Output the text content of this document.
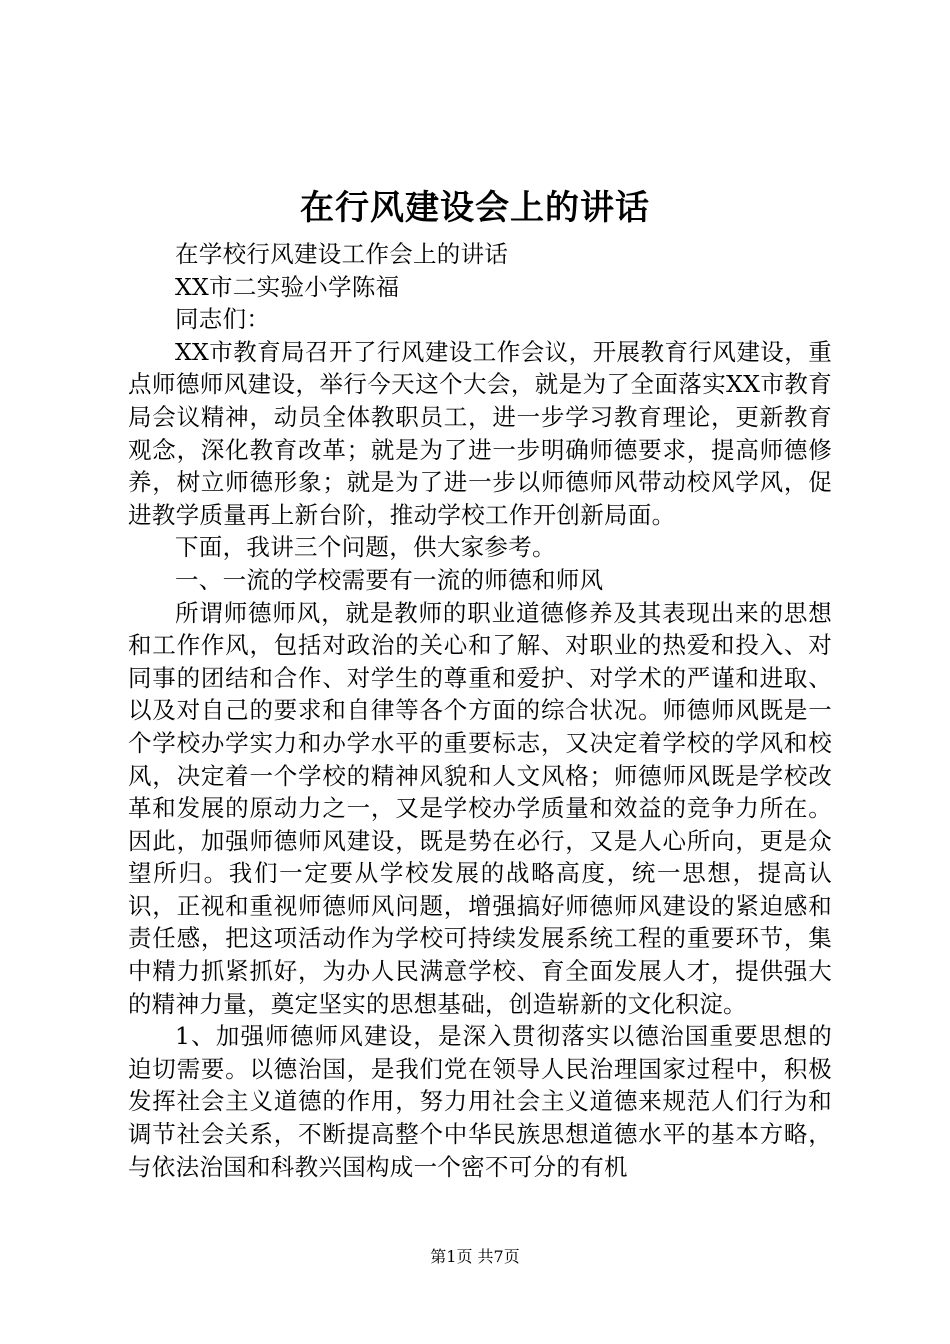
在行风建设会上的讲话

在学校行风建设工作会上的讲话

XX市二实验小学陈福

同志们：

XX市教育局召开了行风建设工作会议，开展教育行风建设，重点师德师风建设，举行今天这个大会，就是为了全面落实XX市教育局会议精神，动员全体教职员工，进一步学习教育理论，更新教育观念，深化教育改革；就是为了进一步明确师德要求，提高师德修养，树立师德形象；就是为了进一步以师德师风带动校风学风，促进教学质量再上新台阶，推动学校工作开创新局面。

下面，我讲三个问题，供大家参考。

一、一流的学校需要有一流的师德和师风

所谓师德师风，就是教师的职业道德修养及其表现出来的思想和工作作风，包括对政治的关心和了解、对职业的热爱和投入、对同事的团结和合作、对学生的尊重和爱护、对学术的严谨和进取、以及对自己的要求和自律等各个方面的综合状况。师德师风既是一个学校办学实力和办学水平的重要标志，又决定着学校的学风和校风，决定着一个学校的精神风貌和人文风格；师德师风既是学校改革和发展的原动力之一，又是学校办学质量和效益的竞争力所在。因此，加强师德师风建设，既是势在必行，又是人心所向，更是众望所归。我们一定要从学校发展的战略高度，统一思想，提高认识，正视和重视师德师风问题，增强搞好师德师风建设的紧迫感和责任感，把这项活动作为学校可持续发展系统工程的重要环节，集中精力抓紧抓好，为办人民满意学校、育全面发展人才，提供强大的精神力量，奠定坚实的思想基础，创造崭新的文化积淀。

1、加强师德师风建设，是深入贯彻落实以德治国重要思想的迫切需要。以德治国，是我们党在领导人民治理国家过程中，积极发挥社会主义道德的作用，努力用社会主义道德来规范人们行为和调节社会关系，不断提高整个中华民族思想道德水平的基本方略，与依法治国和科教兴国构成一个密不可分的有机

第1页 共7页
